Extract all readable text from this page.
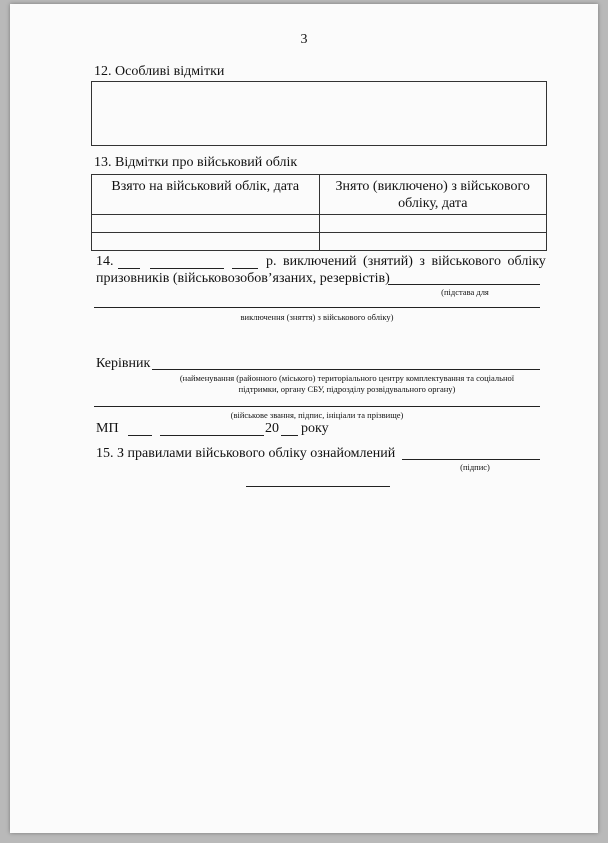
3
12. Особливі відмітки
13. Відмітки про військовий облік
Взято на військовий облік, дата	Знято (виключено) з військового обліку, дата

14.	р. виключений (знятий) з військового обліку
призовників (військовозобов’язаних, резервістів)
(підстава для
виключення (зняття) з військового обліку)
Керівник
(найменування (районного (міського) територіального центру комплектування та соціальної
підтримки, органу СБУ, підрозділу розвідувального органу)
(військове звання, підпис, ініціали та прізвище)
МП	20 року
15. З правилами військового обліку ознайомлений
(підпис)
